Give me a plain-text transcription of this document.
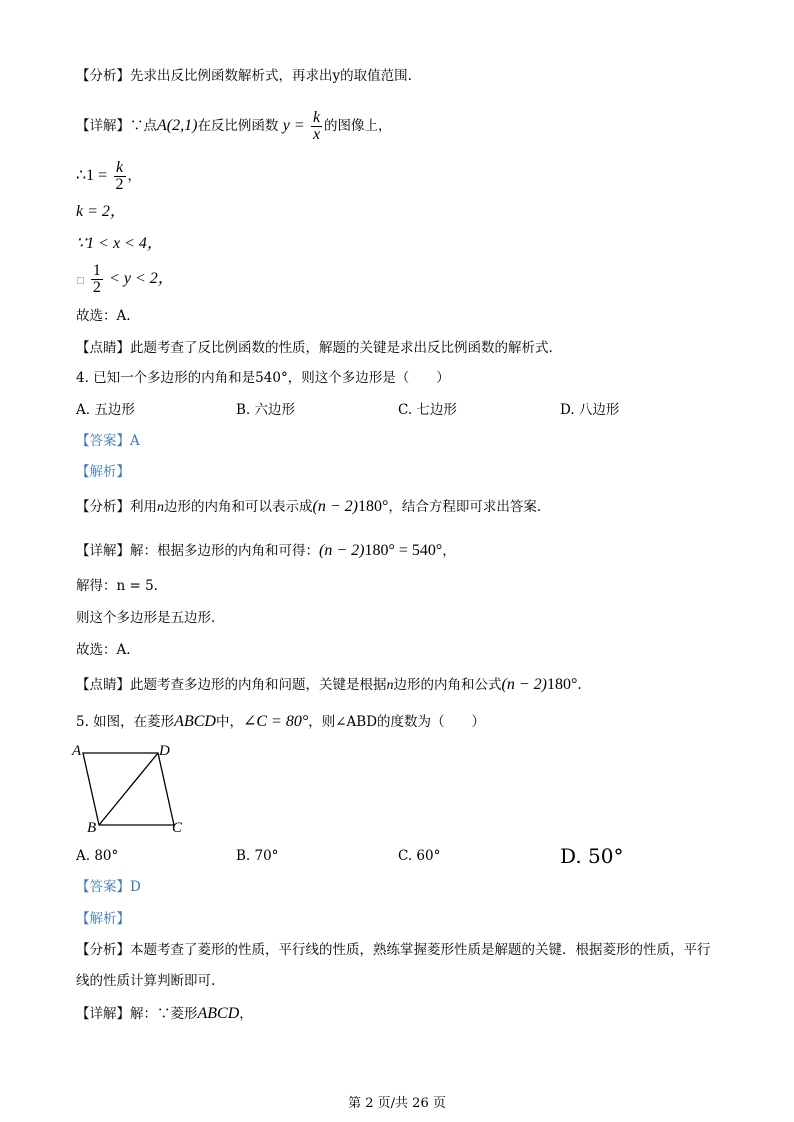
【分析】先求出反比例函数解析式，再求出y的取值范围.
【详解】∵点A(2,1)在反比例函数 $y = \frac{k}{x}$ 的图像上，
∴1 = $\frac{k}{2}$ ，
k = 2，
∵1 < x < 4，
□ $\frac{1}{2} < y < 2$，
故选：A.
【点睛】此题考查了反比例函数的性质，解题的关键是求出反比例函数的解析式.
4. 已知一个多边形的内角和是540°，则这个多边形是（　　）
A. 五边形	B. 六边形	C. 七边形	D. 八边形
【答案】A
【解析】
【分析】利用n边形的内角和可以表示成(n − 2)180°，结合方程即可求出答案.
【详解】解：根据多边形的内角和可得：(n − 2)180° = 540°，
解得：n = 5.
则这个多边形是五边形.
故选：A.
【点睛】此题考查多边形的内角和问题，关键是根据n边形的内角和公式(n − 2)180°.
5. 如图，在菱形ABCD中，∠C = 80°，则∠ABD的度数为（　　）
A	D
B	C
A. 80°	B. 70°	C. 60°	D. 50°
【答案】D
【解析】
【分析】本题考查了菱形的性质，平行线的性质，熟练掌握菱形性质是解题的关键．根据菱形的性质，平行
线的性质计算判断即可.
【详解】解：∵菱形ABCD，
第 2 页/共 26 页
